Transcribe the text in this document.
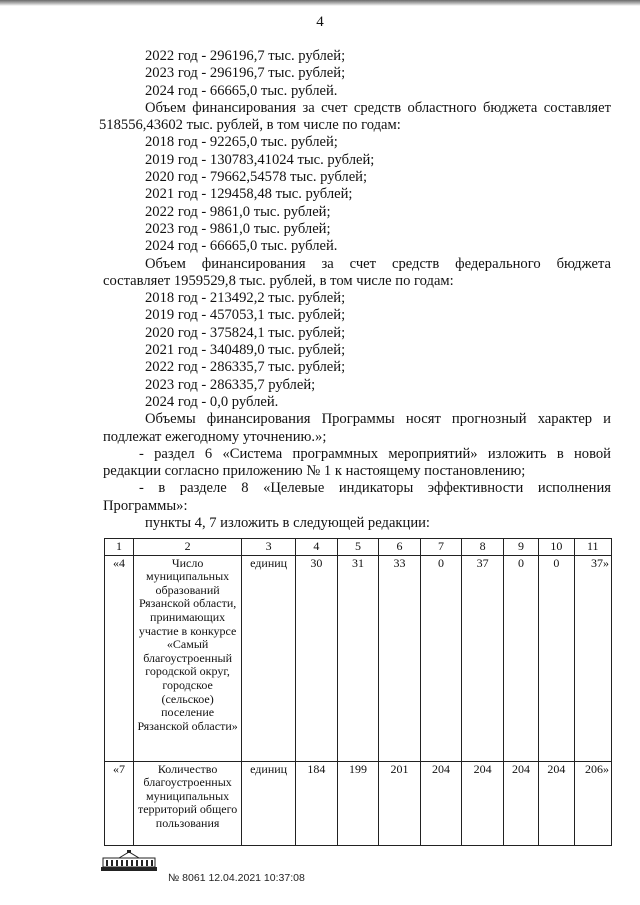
4
2022 год - 296196,7 тыс. рублей;
2023 год - 296196,7 тыс. рублей;
2024 год - 66665,0 тыс. рублей.
Объем финансирования за счет средств областного бюджета составляет
518556,43602 тыс. рублей, в том числе по годам:
2018 год - 92265,0 тыс. рублей;
2019 год - 130783,41024 тыс. рублей;
2020 год - 79662,54578 тыс. рублей;
2021 год - 129458,48 тыс. рублей;
2022 год - 9861,0 тыс. рублей;
2023 год - 9861,0 тыс. рублей;
2024 год - 66665,0 тыс. рублей.
Объем финансирования за счет средств федерального бюджета
составляет 1959529,8 тыс. рублей, в том числе по годам:
2018 год - 213492,2 тыс. рублей;
2019 год - 457053,1 тыс. рублей;
2020 год - 375824,1 тыс. рублей;
2021 год - 340489,0 тыс. рублей;
2022 год - 286335,7 тыс. рублей;
2023 год - 286335,7 рублей;
2024 год - 0,0 рублей.
Объемы финансирования Программы носят прогнозный характер и
подлежат ежегодному уточнению.»;
- раздел 6 «Система программных мероприятий» изложить в новой
редакции согласно приложению № 1 к настоящему постановлению;
- в разделе 8 «Целевые индикаторы эффективности исполнения
Программы»:
пункты 4, 7 изложить в следующей редакции:
1	2	3	4	5	6	7	8	9	10	11
«4	Число муниципальных образований Рязанской области, принимающих участие в конкурсе «Самый благоустроенный городской округ, городское (сельское) поселение Рязанской области»	единиц	30	31	33	0	37	0	0	37»
«7	Количество благоустроенных муниципальных территорий общего пользования	единиц	184	199	201	204	204	204	204	206»
№ 8061 12.04.2021 10:37:08
